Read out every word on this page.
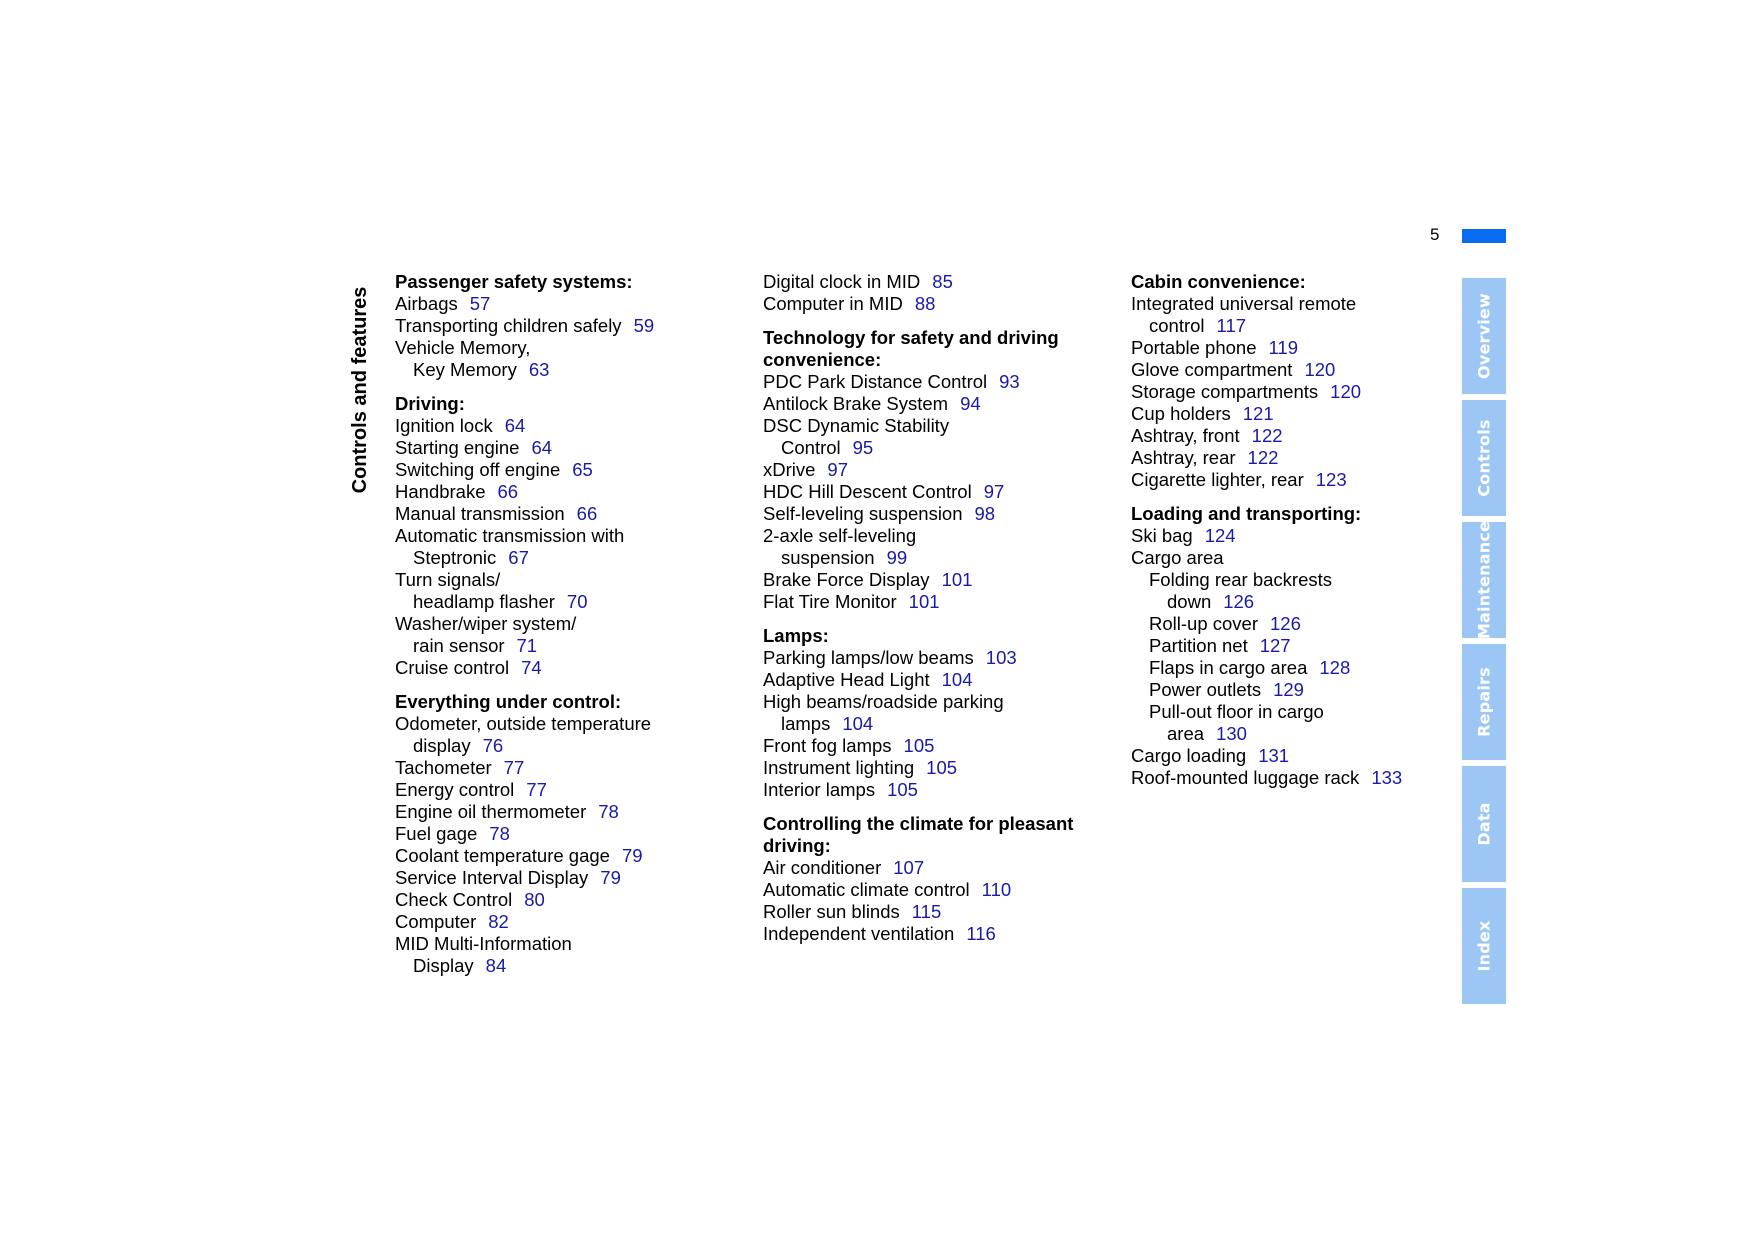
5
Controls and features
Passenger safety systems:
Airbags 57
Transporting children safely 59
Vehicle Memory,
Key Memory 63
Driving:
Ignition lock 64
Starting engine 64
Switching off engine 65
Handbrake 66
Manual transmission 66
Automatic transmission with
Steptronic 67
Turn signals/
headlamp flasher 70
Washer/wiper system/
rain sensor 71
Cruise control 74
Everything under control:
Odometer, outside temperature
display 76
Tachometer 77
Energy control 77
Engine oil thermometer 78
Fuel gage 78
Coolant temperature gage 79
Service Interval Display 79
Check Control 80
Computer 82
MID Multi-Information
Display 84
Digital clock in MID 85
Computer in MID 88
Technology for safety and driving convenience:
PDC Park Distance Control 93
Antilock Brake System 94
DSC Dynamic Stability
Control 95
xDrive 97
HDC Hill Descent Control 97
Self-leveling suspension 98
2-axle self-leveling
suspension 99
Brake Force Display 101
Flat Tire Monitor 101
Lamps:
Parking lamps/low beams 103
Adaptive Head Light 104
High beams/roadside parking
lamps 104
Front fog lamps 105
Instrument lighting 105
Interior lamps 105
Controlling the climate for pleasant driving:
Air conditioner 107
Automatic climate control 110
Roller sun blinds 115
Independent ventilation 116
Cabin convenience:
Integrated universal remote
control 117
Portable phone 119
Glove compartment 120
Storage compartments 120
Cup holders 121
Ashtray, front 122
Ashtray, rear 122
Cigarette lighter, rear 123
Loading and transporting:
Ski bag 124
Cargo area
Folding rear backrests
down 126
Roll-up cover 126
Partition net 127
Flaps in cargo area 128
Power outlets 129
Pull-out floor in cargo
area 130
Cargo loading 131
Roof-mounted luggage rack 133
Overview
Controls
Maintenance
Repairs
Data
Index
